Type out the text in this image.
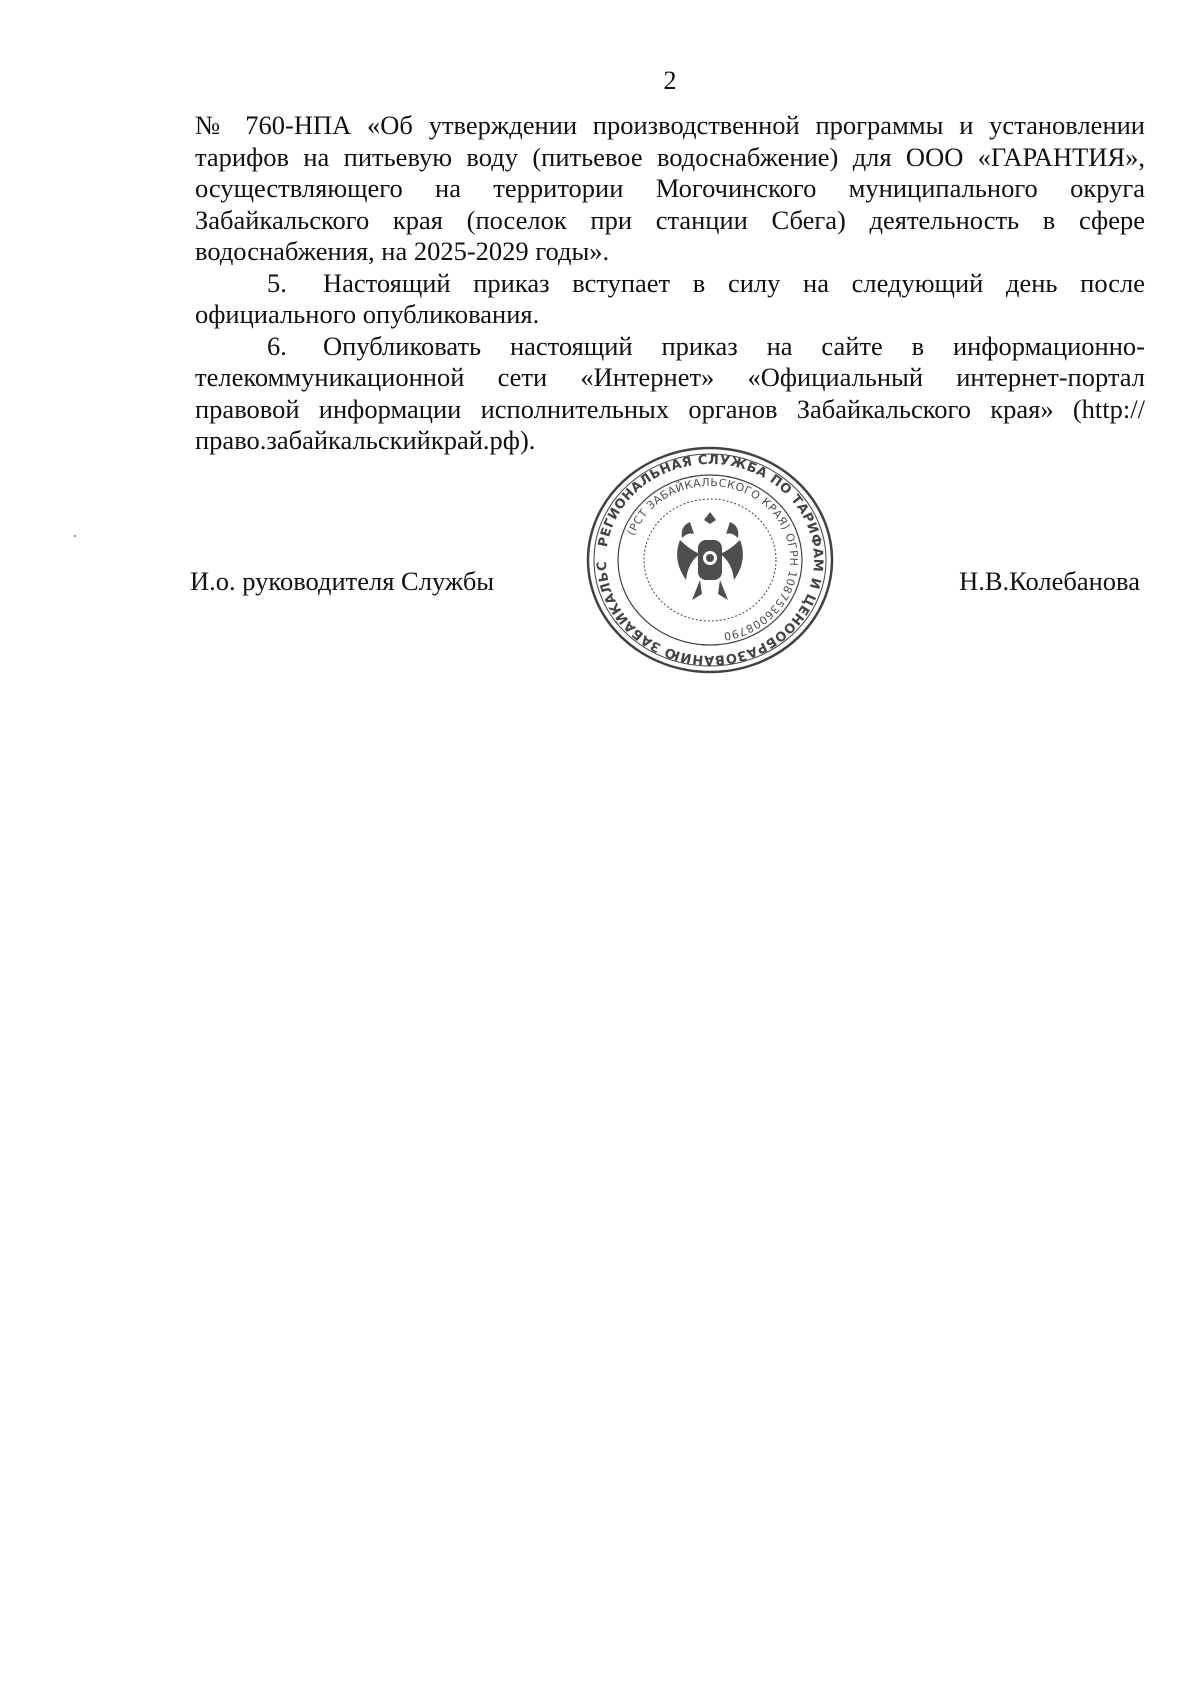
2

№ 760-НПА «Об утверждении производственной программы и установлении тарифов на питьевую воду (питьевое водоснабжение) для ООО «ГАРАНТИЯ», осуществляющего на территории Могочинского муниципального округа Забайкальского края (поселок при станции Сбега) деятельность в сфере водоснабжения, на 2025-2029 годы».

5. Настоящий приказ вступает в силу на следующий день после официального опубликования.

6. Опубликовать настоящий приказ на сайте в информационно-телекоммуникационной сети «Интернет» «Официальный интернет-портал правовой информации исполнительных органов Забайкальского края» (http://право.забайкальскийкрай.рф).

И.о. руководителя Службы	Н.В.Колебанова
РЕГИОНАЛЬНАЯ СЛУЖБА ПО ТАРИФАМ И ЦЕНООБРАЗОВАНИЮ ЗАБАЙКАЛЬС
(РСТ ЗАБАЙКАЛЬСКОГО КРАЯ) ОГРН 1087536008790
